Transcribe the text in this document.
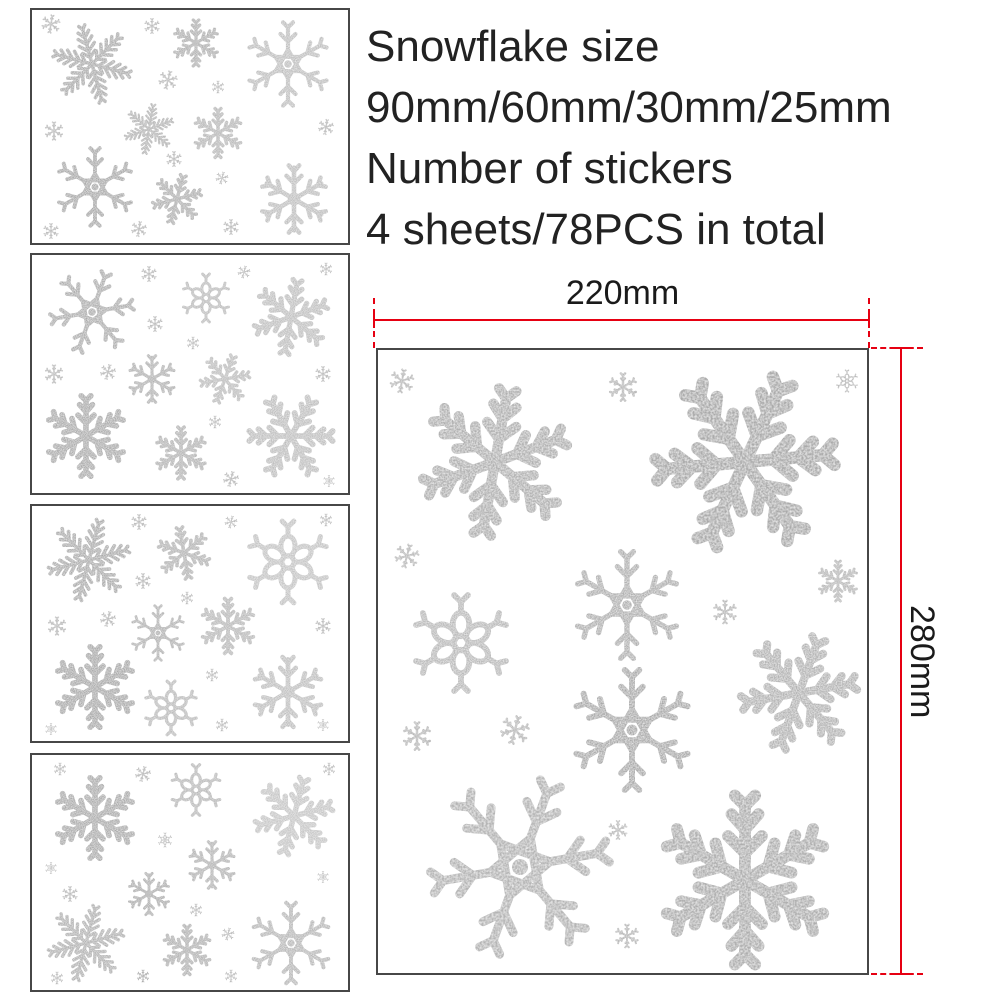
Snowflake size
90mm/60mm/30mm/25mm
Number of stickers
4 sheets/78PCS in total
220mm
280mm
